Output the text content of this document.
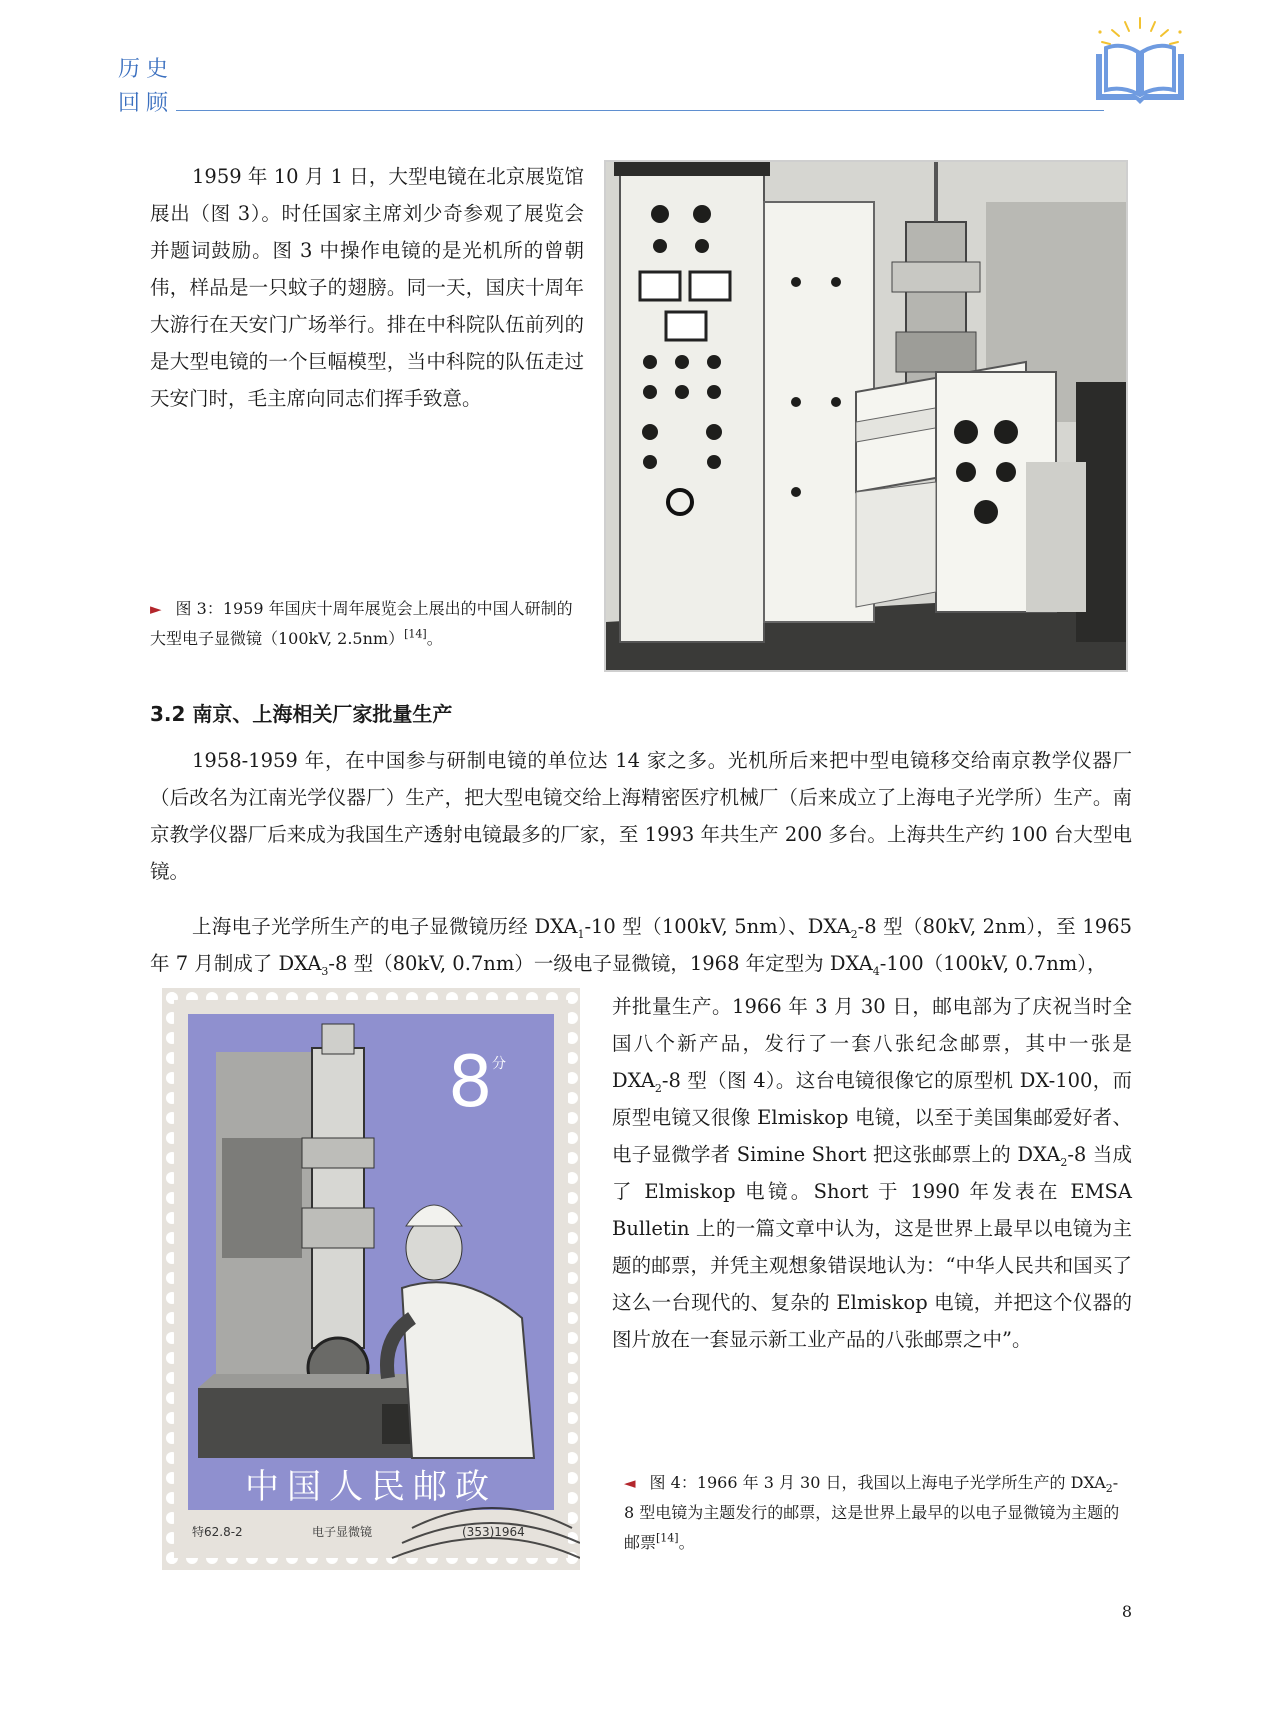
历史
回顾

1959 年 10 月 1 日，大型电镜在北京展览馆展出（图 3）。时任国家主席刘少奇参观了展览会并题词鼓励。图 3 中操作电镜的是光机所的曾朝伟，样品是一只蚊子的翅膀。同一天，国庆十周年大游行在天安门广场举行。排在中科院队伍前列的是大型电镜的一个巨幅模型，当中科院的队伍走过天安门时，毛主席向同志们挥手致意。

► 图 3：1959 年国庆十周年展览会上展出的中国人研制的大型电子显微镜（100kV, 2.5nm）[14]。
3.2 南京、上海相关厂家批量生产

1958-1959 年，在中国参与研制电镜的单位达 14 家之多。光机所后来把中型电镜移交给南京教学仪器厂（后改名为江南光学仪器厂）生产，把大型电镜交给上海精密医疗机械厂（后来成立了上海电子光学所）生产。南京教学仪器厂后来成为我国生产透射电镜最多的厂家，至 1993 年共生产 200 多台。上海共生产约 100 台大型电镜。

上海电子光学所生产的电子显微镜历经 $DXA_1-10$ 型（100kV, 5nm）、$DXA_2-8$ 型（80kV, 2nm），至 1965 年 7 月制成了 $DXA_3-8$ 型（80kV, 0.7nm）一级电子显微镜，1968 年定型为 $DXA_4-100(100kV$, 0.7nm），

8 分
中国人民邮政
特62.8-2	电子显微镜	(353)1964

并批量生产。1966 年 3 月 30 日，邮电部为了庆祝当时全国八个新产品，发行了一套八张纪念邮票，其中一张是 $DXA_2-8$ 型（图 4）。这台电镜很像它的原型机 DX-100，而原型电镜又很像 Elmiskop 电镜，以至于美国集邮爱好者、电子显微学者 Simine Short 把这张邮票上的 $DXA_2-8$ 当成了 Elmiskop 电镜。Short 于 1990 年发表在 EMSA Bulletin 上的一篇文章中认为，这是世界上最早以电镜为主题的邮票，并凭主观想象错误地认为：“中华人民共和国买了这么一台现代的、复杂的 Elmiskop 电镜，并把这个仪器的图片放在一套显示新工业产品的八张邮票之中”。

◄ 图 4：1966 年 3 月 30 日，我国以上海电子光学所生产的 $DXA_2-8$ 型电镜为主题发行的邮票，这是世界上最早的以电子显微镜为主题的邮票[14]。
8
